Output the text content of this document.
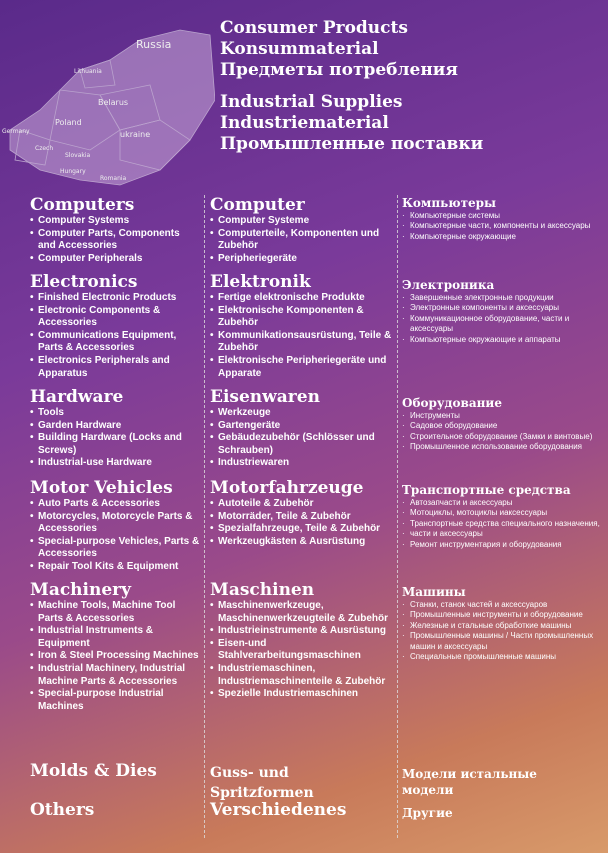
Russia
Lithuania
Belarus
Poland
ukraine
Germany
Czech
Slovakia
Hungary
Romania
Consumer Products
Konsummaterial
Предметы потребления
Industrial Supplies
Industriematerial
Промышленные поставки
Computers
• Computer Systems
• Computer Parts, Components and Accessories
• Computer Peripherals
Electronics
• Finished Electronic Products
• Electronic Components & Accessories
• Communications Equipment, Parts & Accessories
• Electronics Peripherals and Apparatus
Hardware
• Tools
• Garden Hardware
• Building Hardware (Locks and Screws)
• Industrial-use Hardware
Motor Vehicles
• Auto Parts & Accessories
• Motorcycles, Motorcycle Parts & Accessories
• Special-purpose Vehicles, Parts & Accessories
• Repair Tool Kits & Equipment
Machinery
• Machine Tools, Machine Tool Parts & Accessories
• Industrial Instruments & Equipment
• Iron & Steel Processing Machines
• Industrial Machinery, Industrial Machine Parts & Accessories
• Special-purpose Industrial Machines
Molds & Dies
Others
Computer
• Computer Systeme
• Computerteile, Komponenten und Zubehör
• Peripheriegeräte
Elektronik
• Fertige elektronische Produkte
• Elektronische Komponenten & Zubehör
• Kommunikationsausrüstung, Teile & Zubehör
• Elektronische Peripheriegeräte und Apparate
Eisenwaren
• Werkzeuge
• Gartengeräte
• Gebäudezubehör (Schlösser und Schrauben)
• Industriewaren
Motorfahrzeuge
• Autoteile & Zubehör
• Motorräder, Teile & Zubehör
• Spezialfahrzeuge, Teile & Zubehör
• Werkzeugkästen & Ausrüstung
Maschinen
• Maschinenwerkzeuge, Maschinenwerkzeugteile & Zubehör
• Industrieinstrumente & Ausrüstung
• Eisen-und Stahlverarbeitungsmaschinen
• Industriemaschinen, Industriemaschinenteile & Zubehör
• Spezielle Industriemaschinen
Guss- und Spritzformen
Verschiedenes
Компьютеры
· Компьютерные системы
· Компьютерные части, компоненты и аксессуары
· Компьютерные окружающие
Электроника
· Завершенные электронные продукции
· Электронные компоненты и аксессуары
· Коммуникационное оборудование, части и аксессуары
· Компьютерные окружающие и аппараты
Оборудование
· Инструменты
· Садовое оборудование
· Строительное оборудование (Замки и винтовые)
· Промышленное использование оборудования
Транспортные средства
· Автозапчасти и аксессуары
· Мотоциклы, мотоциклы иаксессуары
· Транспортные средства специального назначения,
· части и аксессуары
· Ремонт инструментария и оборудования
Машины
· Станки, станок частей и аксессуаров
· Промышленные инструменты и оборудование
· Железные и стальные обработкие машины
· Промышленные машины / Части промышленных машин и аксессуары
· Специальные промышленные машины
Модели истальные модели
Другие
